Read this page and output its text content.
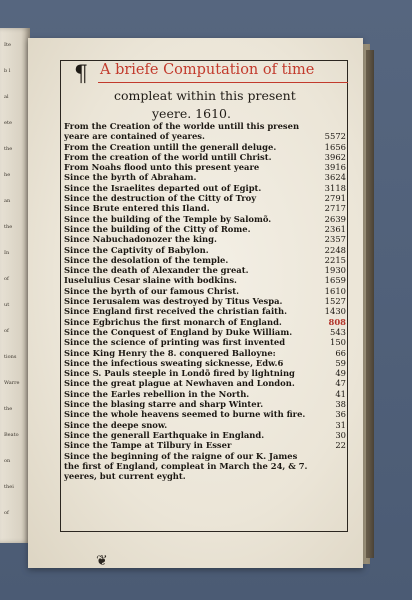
Ite
b l
al
ete
the
he
an
the
In
of
ut
of
tions
Warre
the
Beato
on
thei
of
¶ A briefe Computation of time
compleat within this present
yeere. 1610.
From the Creation of the worlde untill this presen
yeare are contained of yeares.	5572
From the Creation untill the generall deluge.	1656
From the creation of the world untill Christ.	3962
From Noahs flood unto this present yeare	3916
Since the byrth of Abraham.	3624
Since the Israelites departed out of Egipt.	3118
Since the destruction of the Citty of Troy	2791
Since Brute entered this Iland.	2717
Since the building of the Temple by Salomõ.	2639
Since the building of the Citty of Rome.	2361
Since Nabuchadonozer the king.	2357
Since the Captivity of Babylon.	2248
Since the desolation of the temple.	2215
Since the death of Alexander the great.	1930
Iuselulius Cesar slaine with bodkins.	1659
Since the byrth of our famous Christ.	1610
Since Ierusalem was destroyed by Titus Vespa.	1527
Since England first received the christian faith.	1430
Since Egbrichus the first monarch of England.	808
Since the Conquest of England by Duke William.	543
Since the science of printing was first invented	150
Since King Henry the 8. conquered Balloyne:	66
Since the infectious sweating sicknesse, Edw.6	59
Since S. Pauls steeple in Londõ fired by lightning	49
Since the great plague at Newhaven and London.	47
Since the Earles rebellion in the North.	41
Since the blasing starre and sharp Winter.	38
Since the whole heavens seemed to burne with fire.	36
Since the deepe snow.	31
Since the generall Earthquake in England.	30
Since the Tampe at Tilbury in Esser	22
Since the beginning of the raigne of our K. James
the first of England, compleat in March the 24, & 7.
yeeres, but current eyght.
❦
